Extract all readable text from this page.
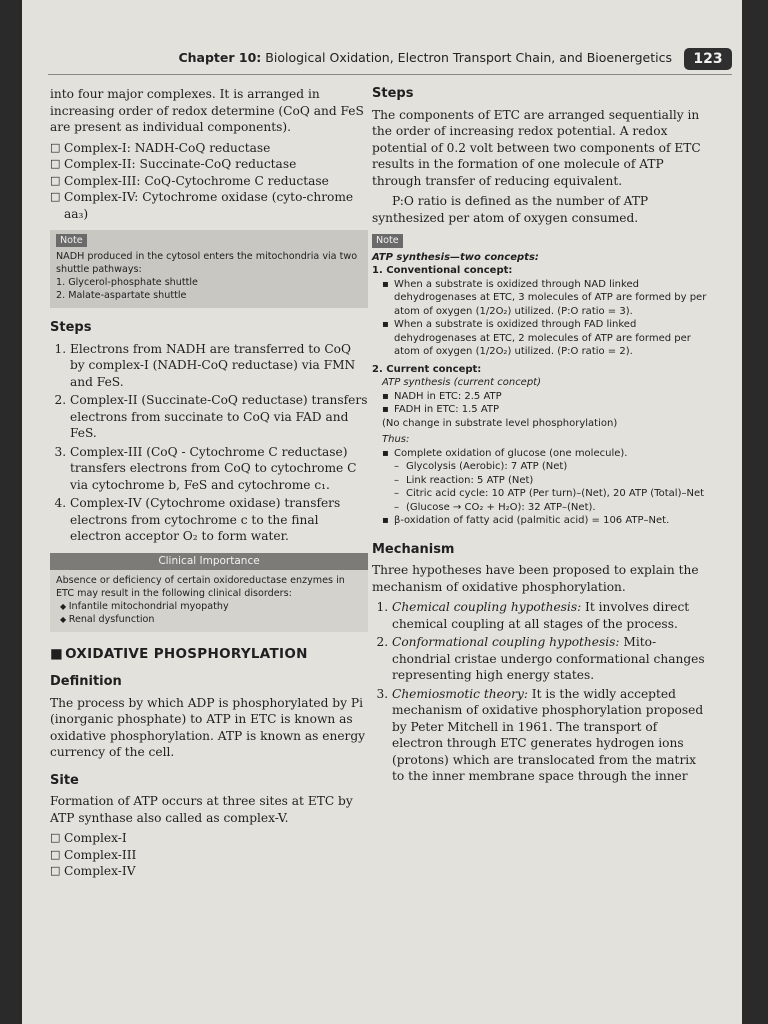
Chapter 10: Biological Oxidation, Electron Transport Chain, and Bioenergetics	123

into four major complexes. It is arranged in increasing order of redox determine (CoQ and FeS are present as individual components).

□ Complex-I: NADH-CoQ reductase
□ Complex-II: Succinate-CoQ reductase
□ Complex-III: CoQ-Cytochrome C reductase
□ Complex-IV: Cytochrome oxidase (cyto-chrome aa₃)
Note
NADH produced in the cytosol enters the mitochondria via two shuttle pathways:
1. Glycerol-phosphate shuttle
2. Malate-aspartate shuttle
Steps
1. Electrons from NADH are transferred to CoQ by complex-I (NADH-CoQ reductase) via FMN and FeS.
2. Complex-II (Succinate-CoQ reductase) transfers electrons from succinate to CoQ via FAD and FeS.
3. Complex-III (CoQ - Cytochrome C reductase) transfers electrons from CoQ to cytochrome C via cytochrome b, FeS and cytochrome c₁.
4. Complex-IV (Cytochrome oxidase) transfers electrons from cytochrome c to the final electron acceptor O₂ to form water.
Clinical Importance
Absence or deficiency of certain oxidoreductase enzymes in ETC may result in the following clinical disorders:
◆ Infantile mitochondrial myopathy
◆ Renal dysfunction
■ OXIDATIVE PHOSPHORYLATION
Definition

The process by which ADP is phosphorylated by Pi (inorganic phosphate) to ATP in ETC is known as oxidative phosphorylation. ATP is known as energy currency of the cell.

Site

Formation of ATP occurs at three sites at ETC by ATP synthase also called as complex-V.

□ Complex-I
□ Complex-III
□ Complex-IV
Steps

The components of ETC are arranged sequentially in the order of increasing redox potential. A redox potential of 0.2 volt between two components of ETC results in the formation of one molecule of ATP through transfer of reducing equivalent.

P:O ratio is defined as the number of ATP synthesized per atom of oxygen consumed.

Note
ATP synthesis—two concepts:
1. Conventional concept:
▪ When a substrate is oxidized through NAD linked dehydrogenases at ETC, 3 molecules of ATP are formed by per atom of oxygen (1/2O₂) utilized. (P:O ratio = 3).
▪ When a substrate is oxidized through FAD linked dehydrogenases at ETC, 2 molecules of ATP are formed per atom of oxygen (1/2O₂) utilized. (P:O ratio = 2).
2. Current concept:
ATP synthesis (current concept)
▪ NADH in ETC: 2.5 ATP
▪ FADH in ETC: 1.5 ATP
(No change in substrate level phosphorylation)
Thus:
▪ Complete oxidation of glucose (one molecule).
– Glycolysis (Aerobic): 7 ATP (Net)
– Link reaction: 5 ATP (Net)
– Citric acid cycle: 10 ATP (Per turn)–(Net), 20 ATP (Total)–Net
– (Glucose → CO₂ + H₂O): 32 ATP–(Net).
▪ β-oxidation of fatty acid (palmitic acid) = 106 ATP–Net.
Mechanism

Three hypotheses have been proposed to explain the mechanism of oxidative phosphorylation.

1. Chemical coupling hypothesis: It involves direct chemical coupling at all stages of the process.
2. Conformational coupling hypothesis: Mito-chondrial cristae undergo conformational changes representing high energy states.
3. Chemiosmotic theory: It is the widly accepted mechanism of oxidative phosphorylation proposed by Peter Mitchell in 1961. The transport of electron through ETC generates hydrogen ions (protons) which are translocated from the matrix to the inner membrane space through the inner
